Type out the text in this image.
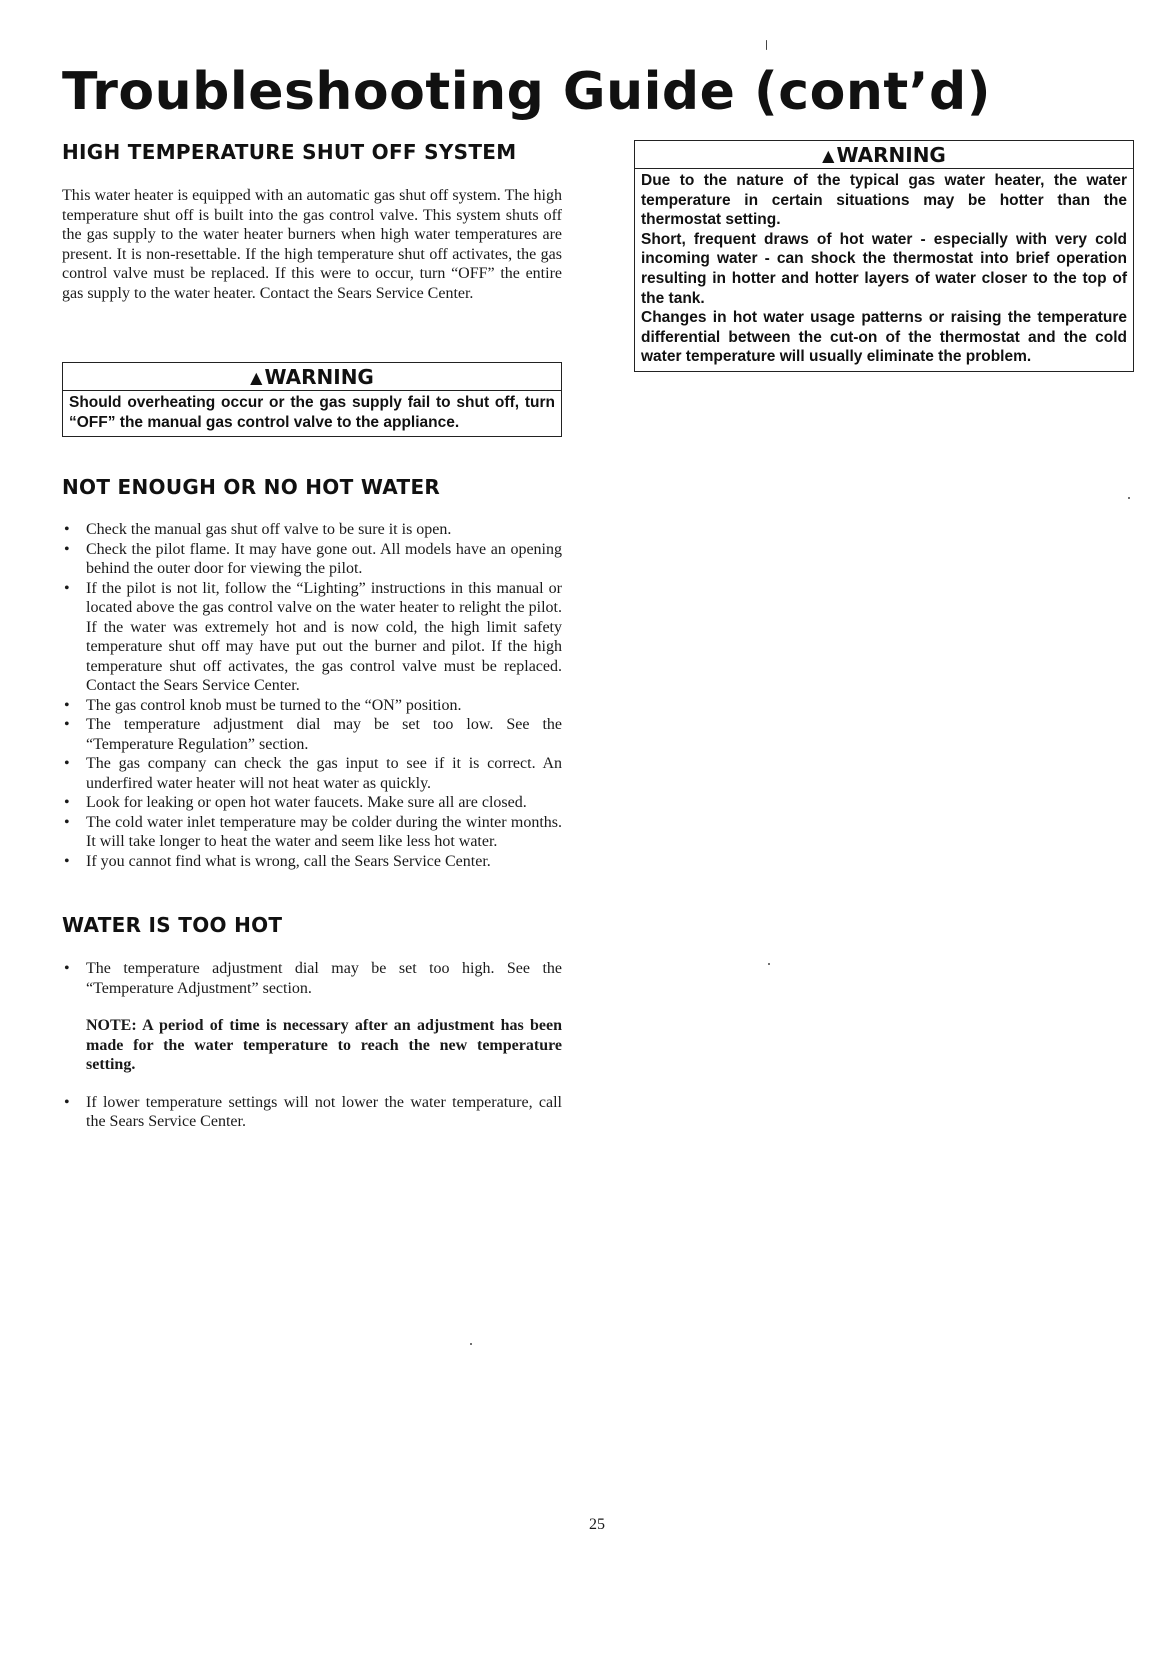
Troubleshooting Guide (cont’d)
HIGH TEMPERATURE SHUT OFF SYSTEM

This water heater is equipped with an automatic gas shut off system. The high temperature shut off is built into the gas control valve. This system shuts off the gas supply to the water heater burners when high water temperatures are present. It is non-resettable. If the high temperature shut off activates, the gas control valve must be replaced. If this were to occur, turn “OFF” the entire gas supply to the water heater. Contact the Sears Service Center.

▲ WARNING

Should overheating occur or the gas supply fail to shut off, turn “OFF” the manual gas control valve to the appliance.

NOT ENOUGH OR NO HOT WATER
• Check the manual gas shut off valve to be sure it is open.
• Check the pilot flame. It may have gone out. All models have an opening behind the outer door for viewing the pilot.
• If the pilot is not lit, follow the “Lighting” instructions in this manual or located above the gas control valve on the water heater to relight the pilot. If the water was extremely hot and is now cold, the high limit safety temperature shut off may have put out the burner and pilot. If the high temperature shut off activates, the gas control valve must be replaced. Contact the Sears Service Center.
• The gas control knob must be turned to the “ON” position.
• The temperature adjustment dial may be set too low. See the “Temperature Regulation” section.
• The gas company can check the gas input to see if it is correct. An underfired water heater will not heat water as quickly.
• Look for leaking or open hot water faucets. Make sure all are closed.
• The cold water inlet temperature may be colder during the winter months. It will take longer to heat the water and seem like less hot water.
• If you cannot find what is wrong, call the Sears Service Center.
WATER IS TOO HOT
• The temperature adjustment dial may be set too high. See the “Temperature Adjustment” section.

NOTE: A period of time is necessary after an adjustment has been made for the water temperature to reach the new temperature setting.

• If lower temperature settings will not lower the water temperature, call the Sears Service Center.
▲ WARNING

Due to the nature of the typical gas water heater, the water temperature in certain situations may be hotter than the thermostat setting.

Short, frequent draws of hot water - especially with very cold incoming water - can shock the thermostat into brief operation resulting in hotter and hotter layers of water closer to the top of the tank.

Changes in hot water usage patterns or raising the temperature differential between the cut-on of the thermostat and the cold water temperature will usually eliminate the problem.

25
